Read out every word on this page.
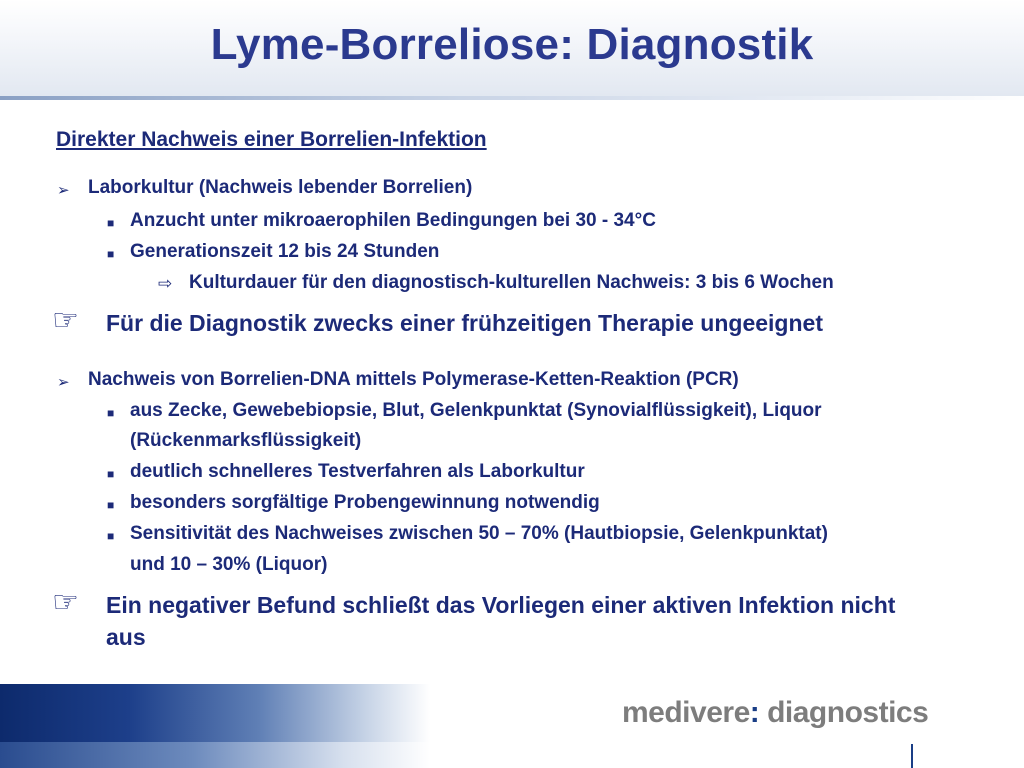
Lyme-Borreliose: Diagnostik
Direkter Nachweis einer Borrelien-Infektion
➢ Laborkultur (Nachweis lebender Borrelien)
■ Anzucht unter mikroaerophilen Bedingungen bei 30 - 34°C
■ Generationszeit 12 bis 24 Stunden
⇨ Kulturdauer für den diagnostisch-kulturellen Nachweis: 3 bis 6 Wochen
☞ Für die Diagnostik zwecks einer frühzeitigen Therapie ungeeignet
➢ Nachweis von Borrelien-DNA mittels Polymerase-Ketten-Reaktion (PCR)
■ aus Zecke, Gewebebiopsie, Blut, Gelenkpunktat (Synovialflüssigkeit), Liquor
(Rückenmarksflüssigkeit)
■ deutlich schnelleres Testverfahren als Laborkultur
■ besonders sorgfältige Probengewinnung notwendig
■ Sensitivität des Nachweises zwischen 50 – 70% (Hautbiopsie, Gelenkpunktat)
und 10 – 30% (Liquor)
☞ Ein negativer Befund schließt das Vorliegen einer aktiven Infektion nicht
aus
medivere: diagnostics
